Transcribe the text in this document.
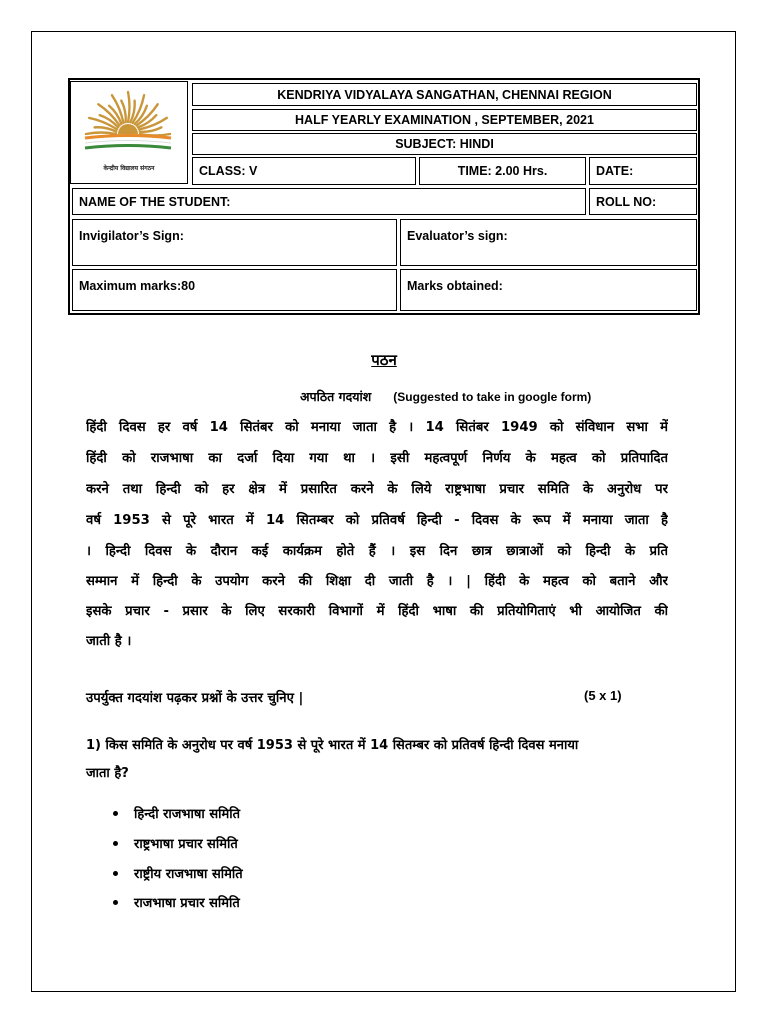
केन्द्रीय विद्यालय संगठन
KENDRIYA VIDYALAYA SANGATHAN, CHENNAI REGION
HALF YEARLY EXAMINATION , SEPTEMBER, 2021
SUBJECT: HINDI
CLASS: V	TIME: 2.00 Hrs.	DATE:
NAME OF THE STUDENT:	ROLL NO:
Invigilator’s Sign:	Evaluator’s sign:
Maximum marks:80	Marks obtained:
पठन
अपठित गदयांश (Suggested to take in google form)
हिंदी दिवस हर वर्ष 14 सितंबर को मनाया जाता है । 14 सितंबर 1949 को संविधान सभा में
हिंदी को राजभाषा का दर्जा दिया गया था । इसी महत्वपूर्ण निर्णय के महत्व को प्रतिपादित
करने तथा हिन्दी को हर क्षेत्र में प्रसारित करने के लिये राष्ट्रभाषा प्रचार समिति के अनुरोध पर
वर्ष 1953 से पूरे भारत में 14 सितम्बर को प्रतिवर्ष हिन्दी - दिवस के रूप में मनाया जाता है
। हिन्दी दिवस के दौरान कई कार्यक्रम होते हैं । इस दिन छात्र छात्राओं को हिन्दी के प्रति
सम्मान में हिन्दी के उपयोग करने की शिक्षा दी जाती है । | हिंदी के महत्व को बताने और
इसके प्रचार - प्रसार के लिए सरकारी विभागों में हिंदी भाषा की प्रतियोगिताएं भी आयोजित की
जाती है ।
उपर्युक्त गदयांश पढ़कर प्रश्नों के उत्तर चुनिए |	(5 x 1)
1) किस समिति के अनुरोध पर वर्ष 1953 से पूरे भारत में 14 सितम्बर को प्रतिवर्ष हिन्दी दिवस मनाया
जाता है?
हिन्दी राजभाषा समिति
राष्ट्रभाषा प्रचार समिति
राष्ट्रीय राजभाषा समिति
राजभाषा प्रचार समिति
